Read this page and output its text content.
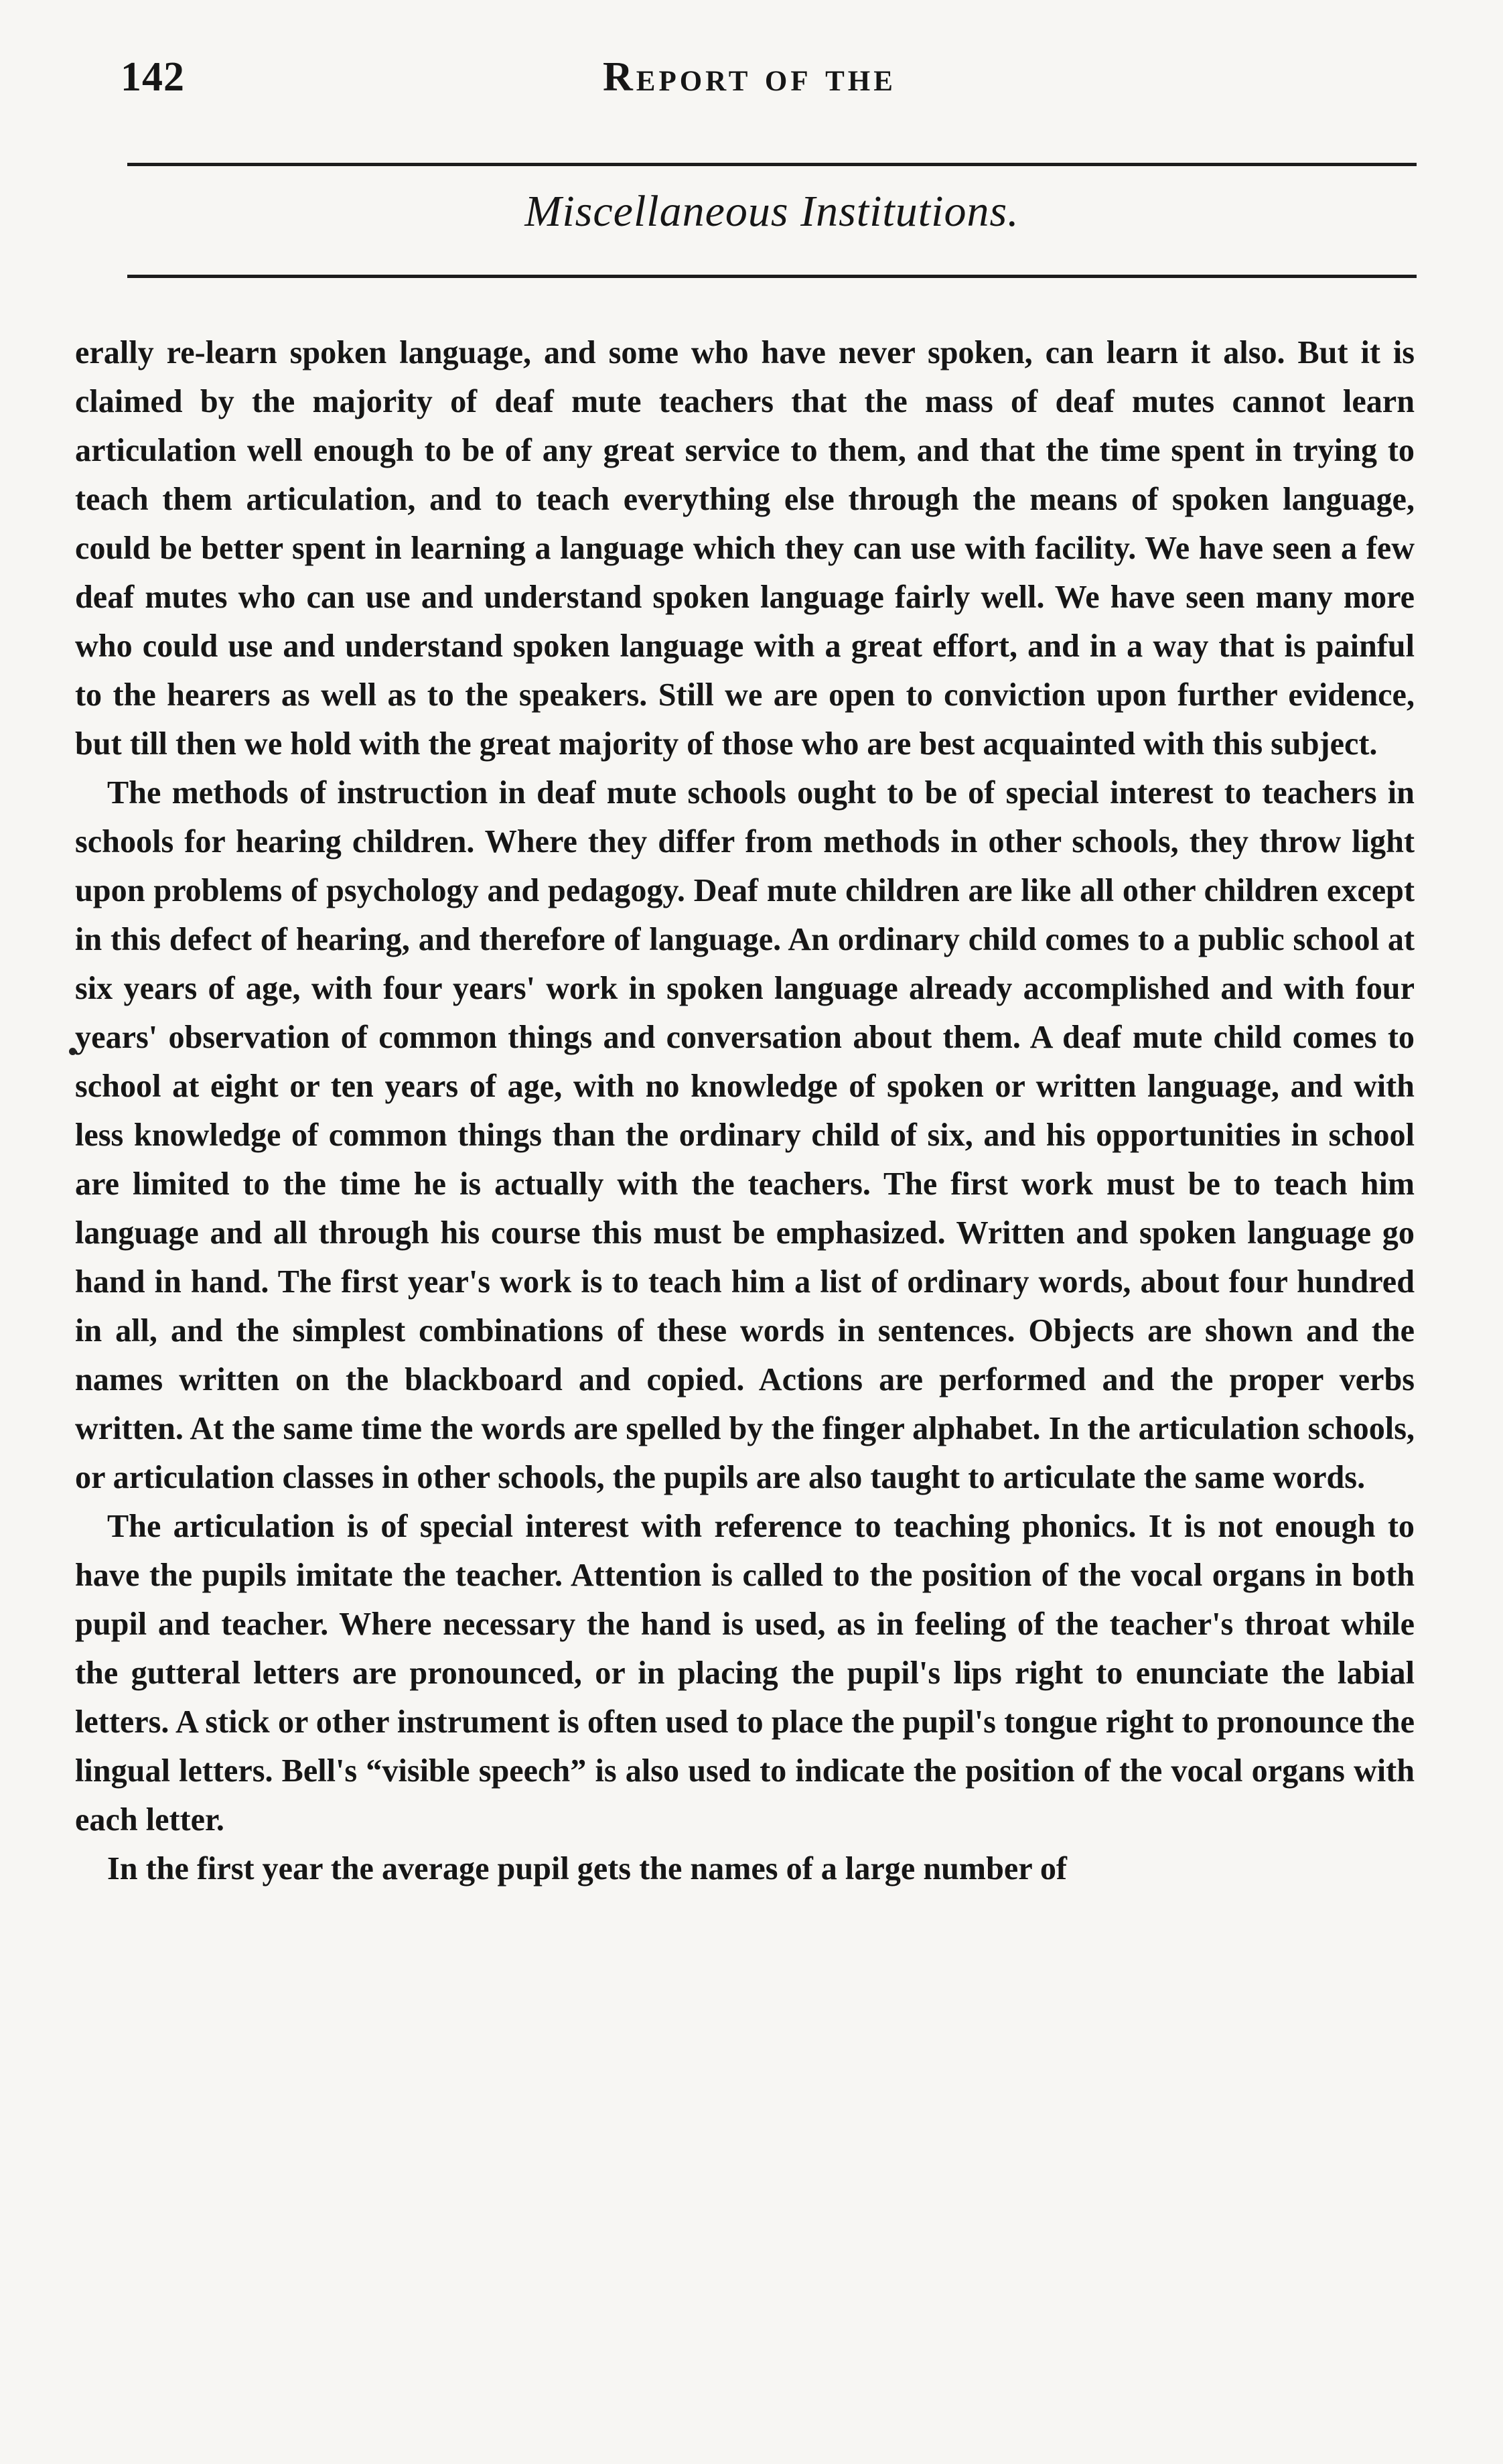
142	Report of the
Miscellaneous Institutions.

erally re-learn spoken language, and some who have never spoken, can learn it also. But it is claimed by the majority of deaf mute teachers that the mass of deaf mutes cannot learn articulation well enough to be of any great service to them, and that the time spent in trying to teach them articulation, and to teach everything else through the means of spoken language, could be better spent in learning a language which they can use with facility. We have seen a few deaf mutes who can use and understand spoken language fairly well. We have seen many more who could use and understand spoken language with a great effort, and in a way that is painful to the hearers as well as to the speakers. Still we are open to conviction upon further evidence, but till then we hold with the great majority of those who are best acquainted with this subject.

The methods of instruction in deaf mute schools ought to be of special interest to teachers in schools for hearing children. Where they differ from methods in other schools, they throw light upon problems of psychology and pedagogy. Deaf mute children are like all other children except in this defect of hearing, and therefore of language. An ordinary child comes to a public school at six years of age, with four years' work in spoken language already accomplished and with four years' observation of common things and conversation about them. A deaf mute child comes to school at eight or ten years of age, with no knowledge of spoken or written language, and with less knowledge of common things than the ordinary child of six, and his opportunities in school are limited to the time he is actually with the teachers. The first work must be to teach him language and all through his course this must be emphasized. Written and spoken language go hand in hand. The first year's work is to teach him a list of ordinary words, about four hundred in all, and the simplest combinations of these words in sentences. Objects are shown and the names written on the blackboard and copied. Actions are performed and the proper verbs written. At the same time the words are spelled by the finger alphabet. In the articulation schools, or articulation classes in other schools, the pupils are also taught to articulate the same words.

The articulation is of special interest with reference to teaching phonics. It is not enough to have the pupils imitate the teacher. Attention is called to the position of the vocal organs in both pupil and teacher. Where necessary the hand is used, as in feeling of the teacher's throat while the gutteral letters are pronounced, or in placing the pupil's lips right to enunciate the labial letters. A stick or other instrument is often used to place the pupil's tongue right to pronounce the lingual letters. Bell's “visible speech” is also used to indicate the position of the vocal organs with each letter.

In the first year the average pupil gets the names of a large number of
